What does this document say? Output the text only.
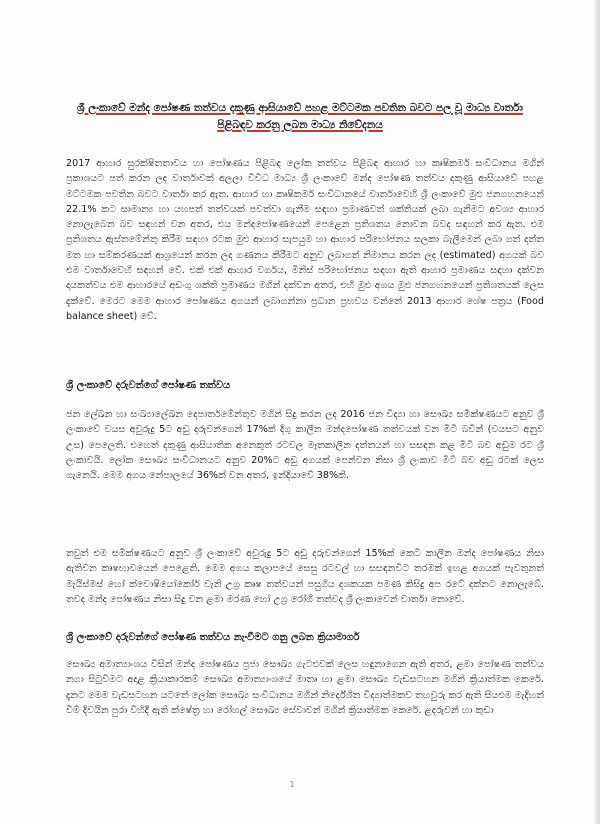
ශ්‍රී ලංකාවේ මන්ද පෝෂණ තත්වය දකුණු ආසියාවේ පහළ මට්ටමක පවතින බවට පල වූ මාධ්‍ය වාර්තා
පිළිබඳව කරනු ලබන මාධ්‍ය නිවේදනය

2017 ආහාර සුරක්ෂිතතාවය හා පෝෂණය පිළිබඳ ලෝක තත්වය පිළිබඳ ආහාර හා කෘෂිකර්ම සංවිධානය මගින් ප්‍රකාශයට පත් කරන ලද වාර්තාවක් අලලා විවිධ මාධ්‍ය ශ්‍රී ලංකාවේ මන්ද පෝෂණ තත්වය දකුණු ආසියාවේ පහළ මට්ටමක පවතින බවට වාර්තා කර ඇත. ආහාර හා කෘෂිකර්ම සංවිධානයේ වාර්තාවෙහි ශ්‍රී ලංකාවේ මුළු ජනගහනයෙන් 22.1% කට සාමාන්‍ය හා යහපත් තත්වයක් පවත්වා ගැනීම සඳහා ප්‍රමාණවත් ශක්තියක් ලබා ගැනීමට අවශ්‍ය ආහාර නොලැබෙන බව සඳහන් වන අතර, එය මන්දපෝෂණයෙන් පෙළෙන ප්‍රතිශතය නොවන බවද සඳහන් කර ඇත. එම ප්‍රතිශතය ඇස්තමේන්තු කිරීම සඳහා රටක මුළු ආහාර සැපයුම හා ආහාර පරිභෝජනය සලකා බැලීමෙන් ලබා ගත් දත්ත මත හා සම්කරණයක් ආශ්‍රයෙන් කරන ලද ගණනය කිරීමට අනුව ලබාගත් නිමානය කරන ලද (estimated) අගයක් බව එම වාර්තාවෙහි සඳහන් වේ. එක් එක් ආහාර වර්ගය, මිනිස් පරිභෝජනය සඳහා ඇති ආහාර ප්‍රමාණය සඳහා දක්වන දායකත්වය එම ආහාරයේ අඩංගු ශක්ති ප්‍රමාණය මගින් දක්වන අතර, එහි මුළු අගය මුළු ජනගහනයෙන් ප්‍රතිශතයක් ලෙස දැක්වේ. මෙරට මෙම ආහාර පෝෂණය අගයන් ලබාගන්නා ප්‍රධාන ප්‍රභවය වන්නේ 2013 ආහාර ශේෂ පත්‍රය (Food balance sheet) වේ.

ශ්‍රී ලංකාවේ දරුවන්ගේ පෝෂණ තත්වය

ජන ලේඛන හා සංඛ්‍යාලේඛන දෙපාර්තමේන්තුව මගින් සිදු කරන ලද 2016 ජන විද්‍යා හා සෞඛ්‍ය සමීක්ෂණයට අනුව ශ්‍රී ලංකාවේ වයස අවුරුදු 5ට අඩු දරුවන්ගෙන් 17%ක් දිගු කාලීන මන්දපෝෂණ තත්වයක් වන මිටි බවින් (වයසට අනුව උස) පෙලෙති. එහෙත් දකුණු ආසියාතික අනෙකුත් රටවල මෑතකාලීන දත්තයන් හා සසඳන කළ මිටි බව අඩුම රට ශ්‍රී ලංකාවයි. ලෝක සෞඛ්‍ය සංවිධානයට අනුව 20%ට අඩු අගයක් පෙන්වන නිසා ශ්‍රී ලංකාව මිටි බව අඩු රටක් ලෙස ගැනෙයි. මෙම අගය නේපාලයේ 36%ක් වන අතර, ඉන්දියාවේ 38%කි.

තවුත් එම සමීක්ෂණයට අනුව ශ්‍රී ලංකාවේ අවුරුදු 5ට අඩු දරුවන්ගෙන් 15%ක් කෙටි කාලීන මන්ද පෝෂණය නිසා ඇතිවන කෘෂභාවයෙන් පෙළෙති. මෙම අගය කලාපයේ සෙසු රටවල් හා සසඳනවිට තරමක් ඉහළ අගයක් පැවතුනත් මැයිස්මස් හෝ ක්වොෂියෝකෝර් වැනි උග්‍ර කෘෂ තත්වයන් පසුගිය දශකයක පමණ කිසිදු අප රටේ දක්නට නොලැබේ. තවද මන්ද පෝෂණය නිසා සිදු වන ළමා මරණ හෝ උග්‍ර රෝගී තත්වද ශ්‍රී ලංකාවෙන් වාර්තා නොවේ.

ශ්‍රී ලංකාවේ දරුවන්ගේ පෝෂණ තත්වය නැංවීමට ගනු ලබන ක්‍රියාමාර්ග

සෞඛ්‍ය අමාත්‍යාංශය විසින් මන්ද පෝෂණය ප්‍රජා සෞඛ්‍ය ගැටළුවක් ලෙස හඳුනාගෙන ඇති අතර, ළමා පෝෂණ තත්වය නගා සිටුවීමට අදාළ ක්‍රියාකාරකම් සෞඛ්‍ය අමාත්‍යාංශයේ මාතෘ හා ළමා සෞඛ්‍ය වැඩසටහන මගින් ක්‍රියාත්මක කෙරේ. දැනට මෙම වැඩසටහන යටතේ ලෝක සෞඛ්‍ය සංවිධානය මගින් නිර්දේශිත විද්‍යාත්මකව තහවුරු කර ඇති සියළුම මැදිහත් වීම් දිවයින පුරා විහිදී ඇති ක්ෂේත්‍ර හා රෝහල් සෞඛ්‍ය සේවාවන් මගින් ක්‍රියාත්මක කෙරේ. ළදරුවන් හා කුඩා

1
